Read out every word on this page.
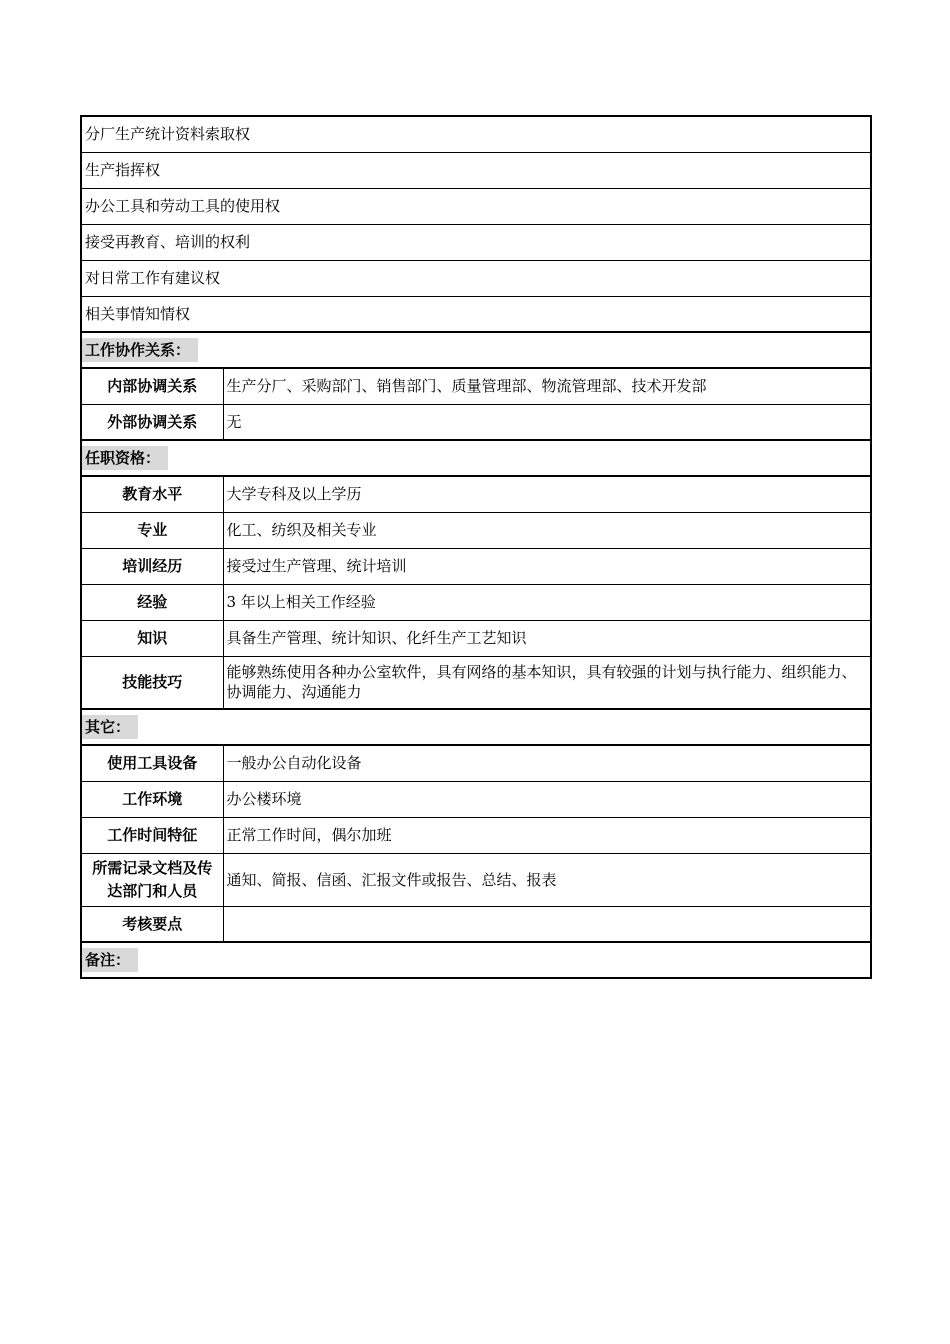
分厂生产统计资料索取权	
生产指挥权	
办公工具和劳动工具的使用权	
接受再教育、培训的权利	
对日常工作有建议权	
相关事情知情权	
工作协作关系：	
内部协调关系	生产分厂、采购部门、销售部门、质量管理部、物流管理部、技术开发部
外部协调关系	无
任职资格：	
教育水平	大学专科及以上学历
专业	化工、纺织及相关专业
培训经历	接受过生产管理、统计培训
经验	3 年以上相关工作经验
知识	具备生产管理、统计知识、化纤生产工艺知识
技能技巧	能够熟练使用各种办公室软件，具有网络的基本知识，具有较强的计划与执行能力、组织能力、协调能力、沟通能力
其它：	
使用工具设备	一般办公自动化设备
工作环境	办公楼环境
工作时间特征	正常工作时间，偶尔加班
所需记录文档及传达部门和人员	通知、简报、信函、汇报文件或报告、总结、报表
考核要点	
备注：	
